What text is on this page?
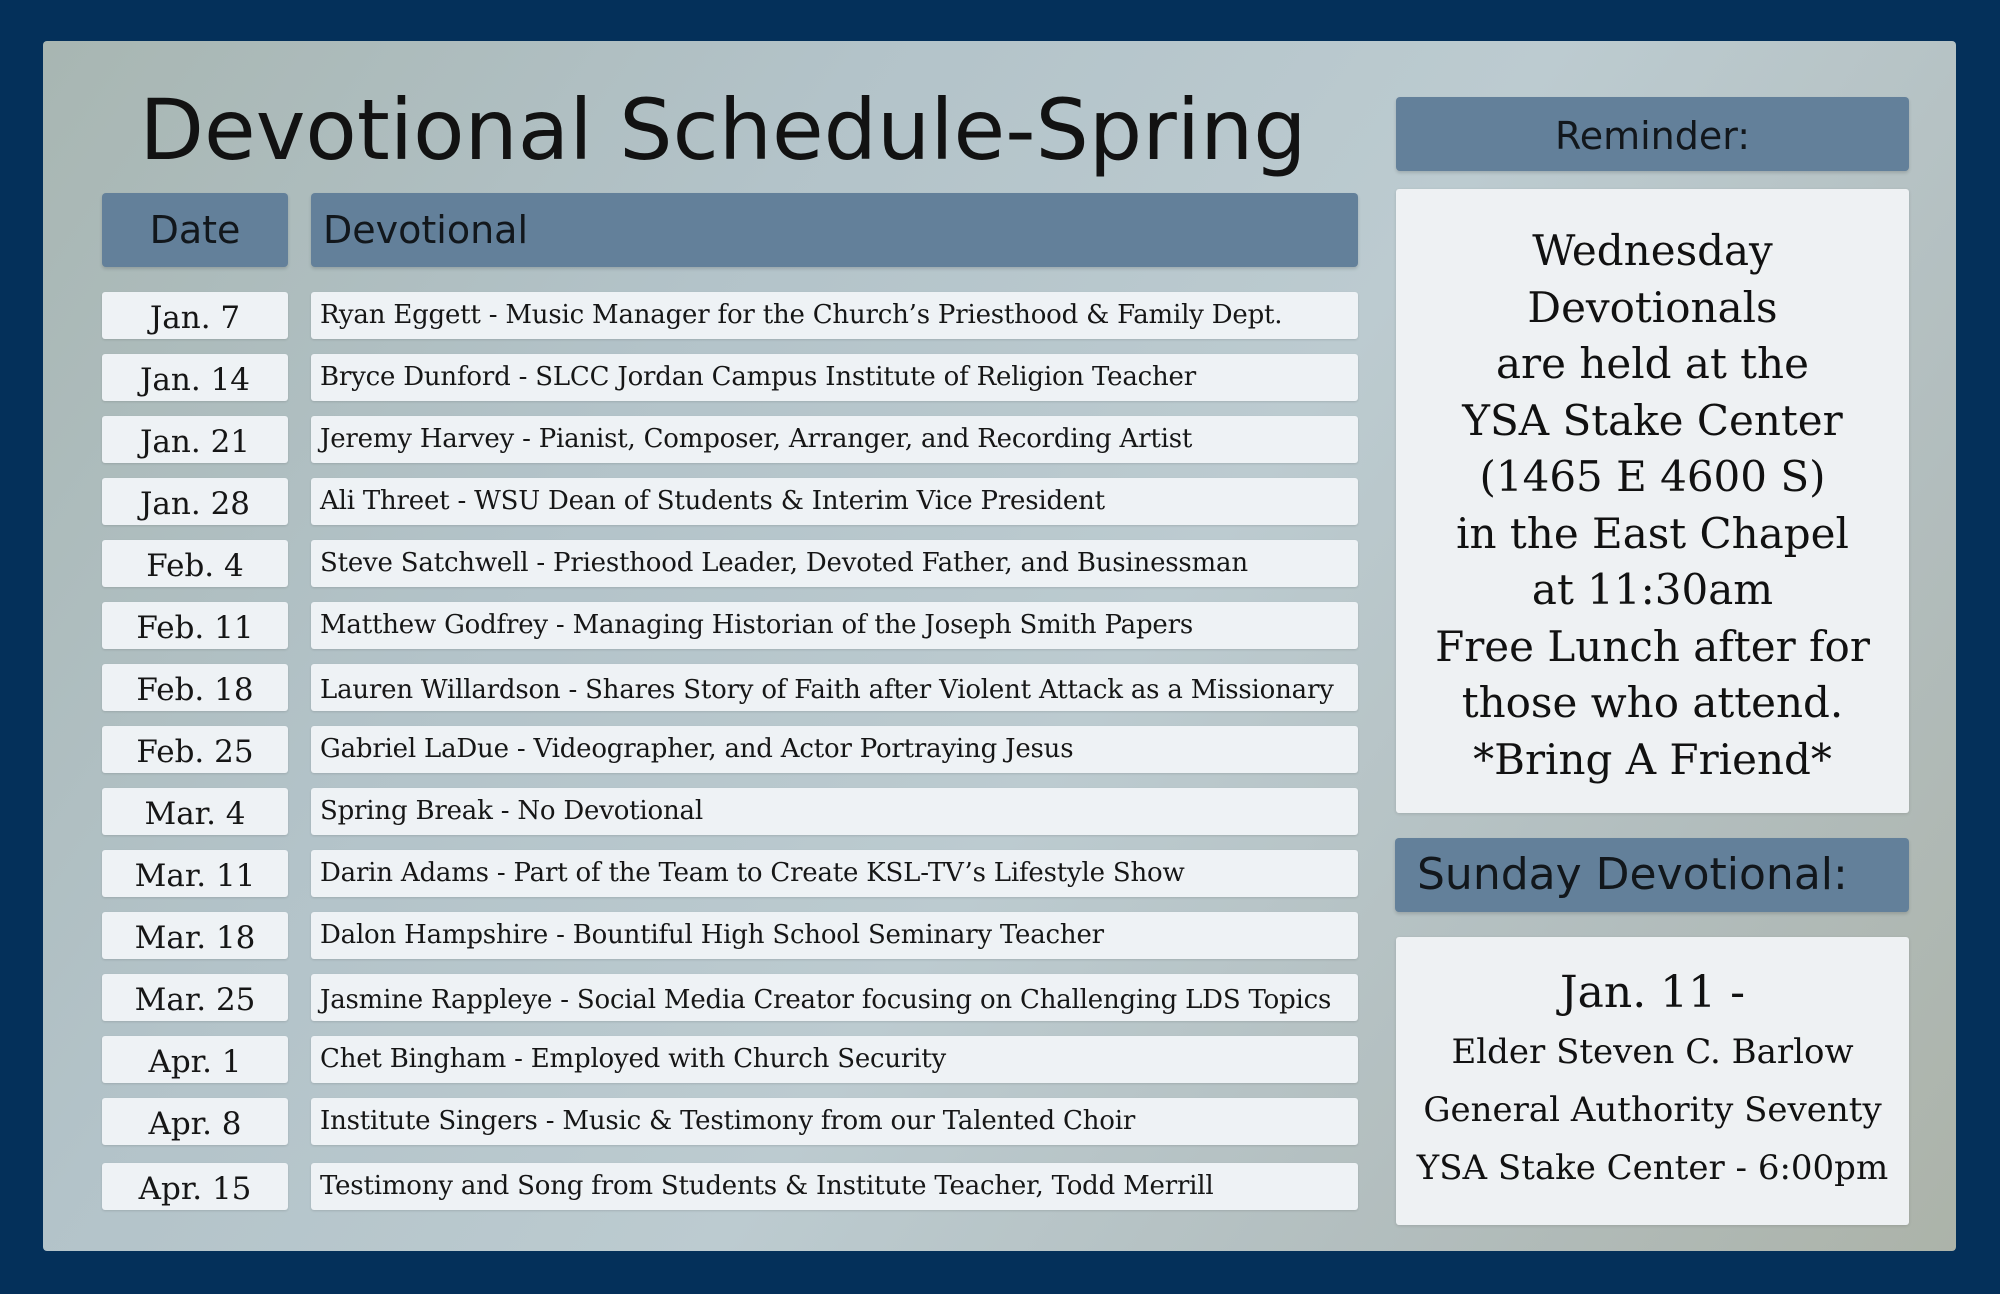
Devotional Schedule-Spring
Date	Devotional
Jan. 7	Ryan Eggett - Music Manager for the Church’s Priesthood & Family Dept.
Jan. 14	Bryce Dunford - SLCC Jordan Campus Institute of Religion Teacher
Jan. 21	Jeremy Harvey - Pianist, Composer, Arranger, and Recording Artist
Jan. 28	Ali Threet - WSU Dean of Students & Interim Vice President
Feb. 4	Steve Satchwell - Priesthood Leader, Devoted Father, and Businessman
Feb. 11	Matthew Godfrey - Managing Historian of the Joseph Smith Papers
Feb. 18	Lauren Willardson - Shares Story of Faith after Violent Attack as a Missionary
Feb. 25	Gabriel LaDue - Videographer, and Actor Portraying Jesus
Mar. 4	Spring Break - No Devotional
Mar. 11	Darin Adams - Part of the Team to Create KSL-TV’s Lifestyle Show
Mar. 18	Dalon Hampshire - Bountiful High School Seminary Teacher
Mar. 25	Jasmine Rappleye - Social Media Creator focusing on Challenging LDS Topics
Apr. 1	Chet Bingham - Employed with Church Security
Apr. 8	Institute Singers - Music & Testimony from our Talented Choir
Apr. 15	Testimony and Song from Students & Institute Teacher, Todd Merrill
Reminder:
Wednesday
Devotionals
are held at the
YSA Stake Center
(1465 E 4600 S)
in the East Chapel
at 11:30am
Free Lunch after for
those who attend.
*Bring A Friend*
Sunday Devotional:
Jan. 11 -
Elder Steven C. Barlow
General Authority Seventy
YSA Stake Center - 6:00pm
